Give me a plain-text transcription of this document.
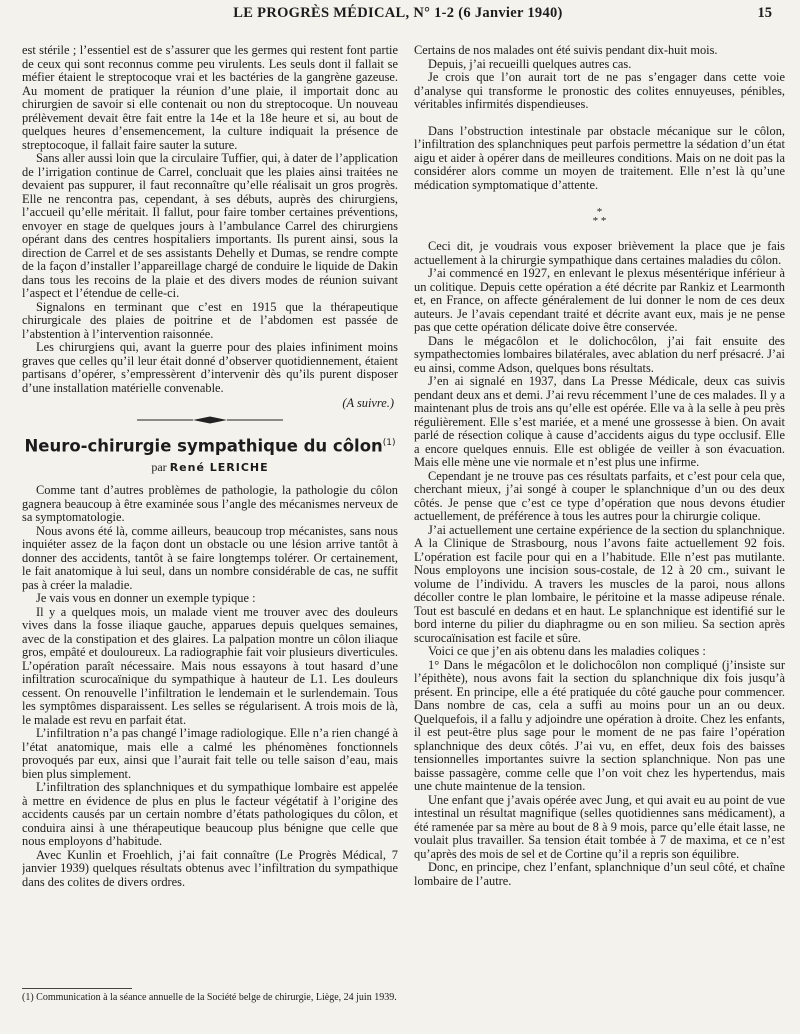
LE PROGRÈS MÉDICAL, N° 1-2 (6 Janvier 1940)	15

est stérile ; l’essentiel est de s’assurer que les germes qui restent font partie de ceux qui sont reconnus comme peu virulents. Les seuls dont il fallait se méfier étaient le streptocoque vrai et les bactéries de la gangrène gazeuse. Au moment de pratiquer la réunion d’une plaie, il importait donc au chirurgien de savoir si elle contenait ou non du streptocoque. Un nouveau prélèvement devait être fait entre la 14e et la 18e heure et si, au bout de quelques heures d’ensemencement, la culture indiquait la présence de streptocoque, il fallait faire sauter la suture.

Sans aller aussi loin que la circulaire Tuffier, qui, à dater de l’application de l’irrigation continue de Carrel, concluait que les plaies ainsi traitées ne devaient pas suppurer, il faut reconnaître qu’elle réalisait un gros progrès. Elle ne rencontra pas, cependant, à ses débuts, auprès des chirurgiens, l’accueil qu’elle méritait. Il fallut, pour faire tomber certaines préventions, envoyer en stage de quelques jours à l’ambulance Carrel des chirurgiens opérant dans des centres hospitaliers importants. Ils purent ainsi, sous la direction de Carrel et de ses assistants Dehelly et Dumas, se rendre compte de la façon d’installer l’appareillage chargé de conduire le liquide de Dakin dans tous les recoins de la plaie et des divers modes de réunion suivant l’aspect et l’étendue de celle-ci.

Signalons en terminant que c’est en 1915 que la thérapeutique chirurgicale des plaies de poitrine et de l’abdomen est passée de l’abstention à l’intervention raisonnée.

Les chirurgiens qui, avant la guerre pour des plaies infiniment moins graves que celles qu’il leur était donné d’observer quotidiennement, étaient partisans d’opérer, s’empressèrent d’intervenir dès qu’ils purent disposer d’une installation matérielle convenable.

(A suivre.)
Neuro-chirurgie sympathique du côlon$^{(1)}$
par René LERICHE

Comme tant d’autres problèmes de pathologie, la pathologie du côlon gagnera beaucoup à être examinée sous l’angle des mécanismes nerveux de sa symptomatologie.

Nous avons été là, comme ailleurs, beaucoup trop mécanistes, sans nous inquiéter assez de la façon dont un obstacle ou une lésion arrive tantôt à donner des accidents, tantôt à se faire longtemps tolérer. Or certainement, le fait anatomique à lui seul, dans un nombre considérable de cas, ne suffit pas à créer la maladie.

Je vais vous en donner un exemple typique :

Il y a quelques mois, un malade vient me trouver avec des douleurs vives dans la fosse iliaque gauche, apparues depuis quelques semaines, avec de la constipation et des glaires. La palpation montre un côlon iliaque gros, empâté et douloureux. La radiographie fait voir plusieurs diverticules. L’opération paraît nécessaire. Mais nous essayons à tout hasard d’une infiltration scurocaïnique du sympathique à hauteur de L1. Les douleurs cessent. On renouvelle l’infiltration le lendemain et le surlendemain. Tous les symptômes disparaissent. Les selles se régularisent. A trois mois de là, le malade est revu en parfait état.

L’infiltration n’a pas changé l’image radiologique. Elle n’a rien changé à l’état anatomique, mais elle a calmé les phénomènes fonctionnels provoqués par eux, ainsi que l’aurait fait telle ou telle saison d’eau, mais bien plus simplement.

L’infiltration des splanchniques et du sympathique lombaire est appelée à mettre en évidence de plus en plus le facteur végétatif à l’origine des accidents causés par un certain nombre d’états pathologiques du côlon, et conduira ainsi à une thérapeutique beaucoup plus bénigne que celle que nous employons d’habitude.

Avec Kunlin et Froehlich, j’ai fait connaître (Le Progrès Médical, 7 janvier 1939) quelques résultats obtenus avec l’infiltration du sympathique dans des colites de divers ordres.

(1) Communication à la séance annuelle de la Société belge de chirurgie, Liège, 24 juin 1939.

Certains de nos malades ont été suivis pendant dix-huit mois.

Depuis, j’ai recueilli quelques autres cas.

Je crois que l’on aurait tort de ne pas s’engager dans cette voie d’analyse qui transforme le pronostic des colites ennuyeuses, pénibles, véritables infirmités dispendieuses.

Dans l’obstruction intestinale par obstacle mécanique sur le côlon, l’infiltration des splanchniques peut parfois permettre la sédation d’un état aigu et aider à opérer dans de meilleures conditions. Mais on ne doit pas la considérer alors comme un moyen de traitement. Elle n’est là qu’une médication symptomatique d’attente.

*
* *

Ceci dit, je voudrais vous exposer brièvement la place que je fais actuellement à la chirurgie sympathique dans certaines maladies du côlon.

J’ai commencé en 1927, en enlevant le plexus mésentérique inférieur à un colitique. Depuis cette opération a été décrite par Rankiz et Learmonth et, en France, on affecte généralement de lui donner le nom de ces deux auteurs. Je l’avais cependant traité et décrite avant eux, mais je ne pense pas que cette opération délicate doive être conservée.

Dans le mégacôlon et le dolichocôlon, j’ai fait ensuite des sympathectomies lombaires bilatérales, avec ablation du nerf présacré. J’ai eu ainsi, comme Adson, quelques bons résultats.

J’en ai signalé en 1937, dans La Presse Médicale, deux cas suivis pendant deux ans et demi. J’ai revu récemment l’une de ces malades. Il y a maintenant plus de trois ans qu’elle est opérée. Elle va à la selle à peu près régulièrement. Elle s’est mariée, et a mené une grossesse à bien. On avait parlé de résection colique à cause d’accidents aigus du type occlusif. Elle a encore quelques ennuis. Elle est obligée de veiller à son évacuation. Mais elle mène une vie normale et n’est plus une infirme.

Cependant je ne trouve pas ces résultats parfaits, et c’est pour cela que, cherchant mieux, j’ai songé à couper le splanchnique d’un ou des deux côtés. Je pense que c’est ce type d’opération que nous devons étudier actuellement, de préférence à tous les autres pour la chirurgie colique.

J’ai actuellement une certaine expérience de la section du splanchnique. A la Clinique de Strasbourg, nous l’avons faite actuellement 92 fois. L’opération est facile pour qui en a l’habitude. Elle n’est pas mutilante. Nous employons une incision sous-costale, de 12 à 20 cm., suivant le volume de l’individu. A travers les muscles de la paroi, nous allons décoller contre le plan lombaire, le péritoine et la masse adipeuse rénale. Tout est basculé en dedans et en haut. Le splanchnique est identifié sur le bord interne du pilier du diaphragme ou en son milieu. Sa section après scurocaïnisation est facile et sûre.

Voici ce que j’en ais obtenu dans les maladies coliques :

1° Dans le mégacôlon et le dolichocôlon non compliqué (j’insiste sur l’épithète), nous avons fait la section du splanchnique dix fois jusqu’à présent. En principe, elle a été pratiquée du côté gauche pour commencer. Dans nombre de cas, cela a suffi au moins pour un an ou deux. Quelquefois, il a fallu y adjoindre une opération à droite. Chez les enfants, il est peut-être plus sage pour le moment de ne pas faire l’opération splanchnique des deux côtés. J’ai vu, en effet, deux fois des baisses tensionnelles importantes suivre la section splanchnique. Non pas une baisse passagère, comme celle que l’on voit chez les hypertendus, mais une chute maintenue de la tension.

Une enfant que j’avais opérée avec Jung, et qui avait eu au point de vue intestinal un résultat magnifique (selles quotidiennes sans médicament), a été ramenée par sa mère au bout de 8 à 9 mois, parce qu’elle était lasse, ne voulait plus travailler. Sa tension était tombée à 7 de maxima, et ce n’est qu’après des mois de sel et de Cortine qu’il a repris son équilibre.

Donc, en principe, chez l’enfant, splanchnique d’un seul côté, et chaîne lombaire de l’autre.
